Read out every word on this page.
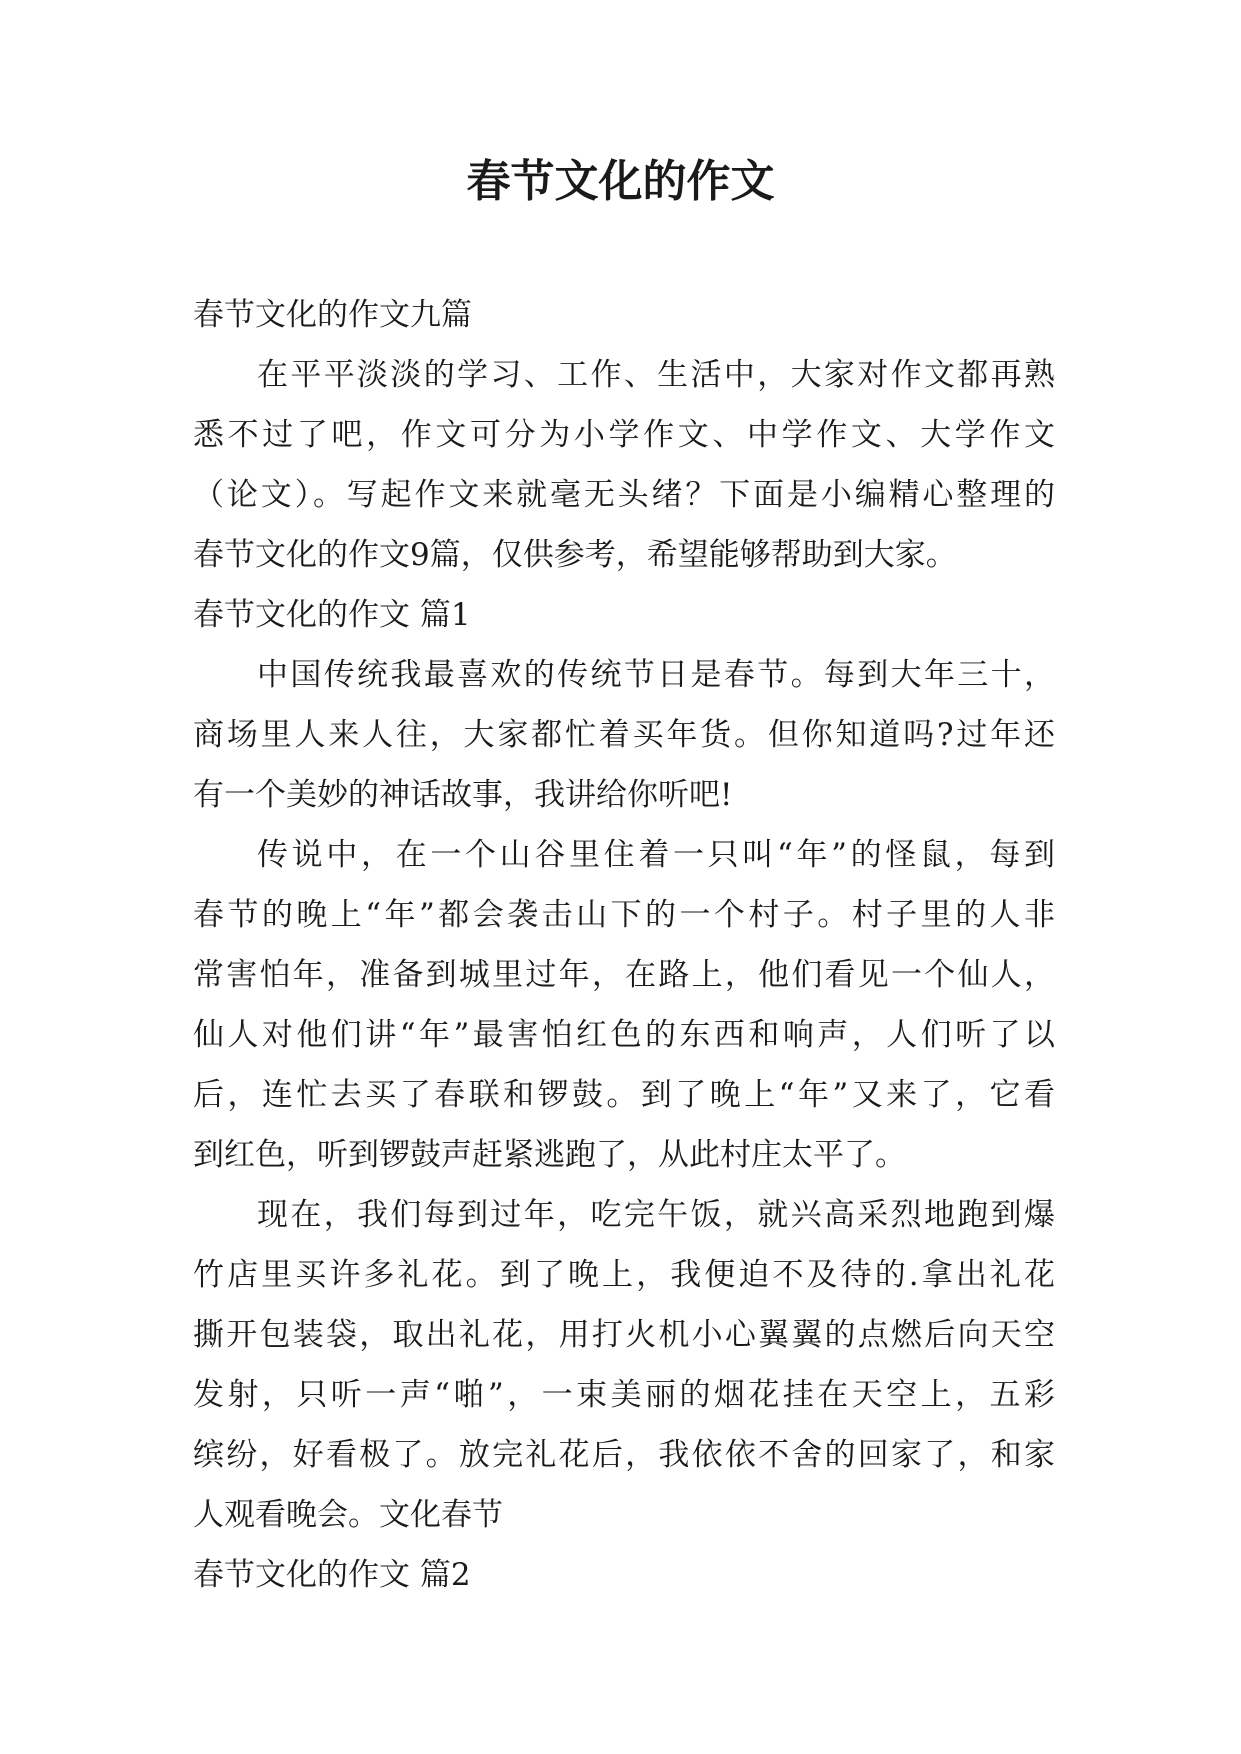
春节文化的作文
春节文化的作文九篇
在平平淡淡的学习、工作、生活中，大家对作文都再熟
悉不过了吧，作文可分为小学作文、中学作文、大学作文
（论文）。写起作文来就毫无头绪？下面是小编精心整理的
春节文化的作文9篇，仅供参考，希望能够帮助到大家。
春节文化的作文 篇1
中国传统我最喜欢的传统节日是春节。每到大年三十，
商场里人来人往，大家都忙着买年货。但你知道吗?过年还
有一个美妙的神话故事，我讲给你听吧!
传说中，在一个山谷里住着一只叫“年”的怪鼠，每到
春节的晚上“年”都会袭击山下的一个村子。村子里的人非
常害怕年，准备到城里过年，在路上，他们看见一个仙人，
仙人对他们讲“年”最害怕红色的东西和响声，人们听了以
后，连忙去买了春联和锣鼓。到了晚上“年”又来了，它看
到红色，听到锣鼓声赶紧逃跑了，从此村庄太平了。
现在，我们每到过年，吃完午饭，就兴高采烈地跑到爆
竹店里买许多礼花。到了晚上，我便迫不及待的.拿出礼花
撕开包装袋，取出礼花，用打火机小心翼翼的点燃后向天空
发射，只听一声“啪”，一束美丽的烟花挂在天空上，五彩
缤纷，好看极了。放完礼花后，我依依不舍的回家了，和家
人观看晚会。文化春节
春节文化的作文 篇2
